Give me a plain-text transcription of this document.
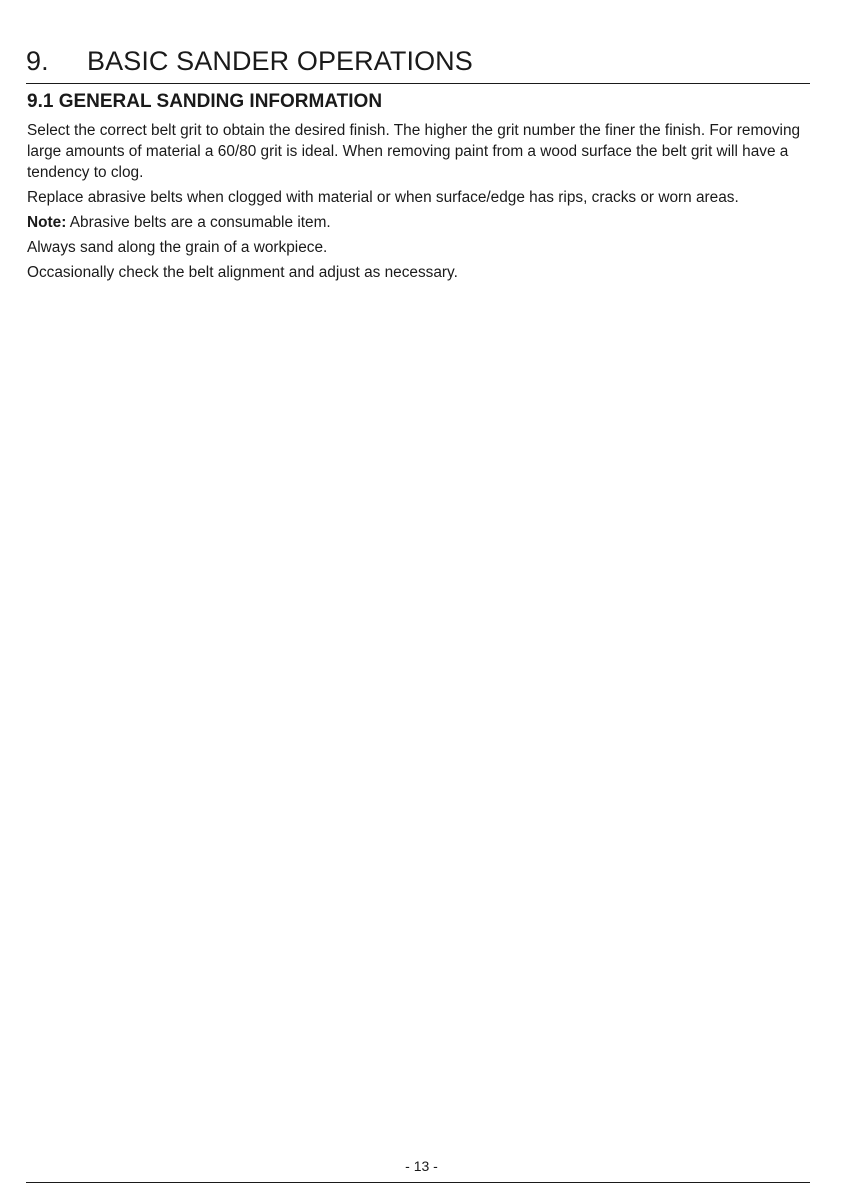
9. BASIC SANDER OPERATIONS
9.1 GENERAL SANDING INFORMATION

Select the correct belt grit to obtain the desired finish. The higher the grit number the finer the finish. For removing large amounts of material a 60/80 grit is ideal. When removing paint from a wood surface the belt grit will have a tendency to clog.

Replace abrasive belts when clogged with material or when surface/edge has rips, cracks or worn areas.

Note: Abrasive belts are a consumable item.

Always sand along the grain of a workpiece.

Occasionally check the belt alignment and adjust as necessary.

- 13 -
